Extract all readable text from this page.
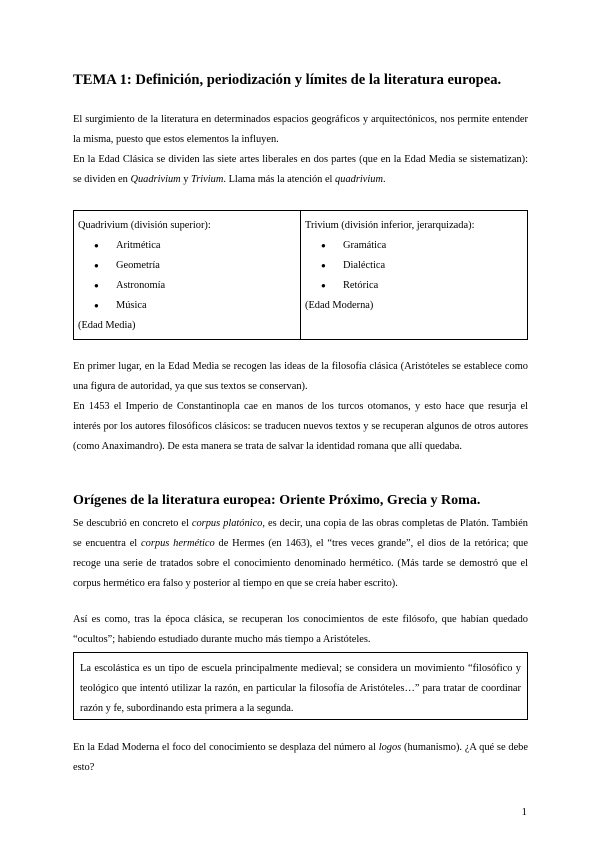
TEMA 1: Definición, periodización y límites de la literatura europea.
El surgimiento de la literatura en determinados espacios geográficos y arquitectónicos, nos permite entender la misma, puesto que estos elementos la influyen.
En la Edad Clásica se dividen las siete artes liberales en dos partes (que en la Edad Media se sistematizan): se dividen en Quadrivium y Trivium. Llama más la atención el quadrivium.
Quadrivium (división superior):
● Aritmética
● Geometría
● Astronomía
● Música
(Edad Media)
Trivium (división inferior, jerarquizada):
● Gramática
● Dialéctica
● Retórica
(Edad Moderna)
En primer lugar, en la Edad Media se recogen las ideas de la filosofía clásica (Aristóteles se establece como una figura de autoridad, ya que sus textos se conservan).
En 1453 el Imperio de Constantinopla cae en manos de los turcos otomanos, y esto hace que resurja el interés por los autores filosóficos clásicos: se traducen nuevos textos y se recuperan algunos de otros autores (como Anaximandro). De esta manera se trata de salvar la identidad romana que allí quedaba.
Orígenes de la literatura europea: Oriente Próximo, Grecia y Roma.
Se descubrió en concreto el corpus platónico, es decir, una copia de las obras completas de Platón. También se encuentra el corpus hermético de Hermes (en 1463), el “tres veces grande”, el dios de la retórica; que recoge una serie de tratados sobre el conocimiento denominado hermético. (Más tarde se demostró que el corpus hermético era falso y posterior al tiempo en que se creía haber escrito).
Así es como, tras la época clásica, se recuperan los conocimientos de este filósofo, que habían quedado “ocultos”; habiendo estudiado durante mucho más tiempo a Aristóteles.
La escolástica es un tipo de escuela principalmente medieval; se considera un movimiento “filosófico y teológico que intentó utilizar la razón, en particular la filosofía de Aristóteles…” para tratar de coordinar razón y fe, subordinando esta primera a la segunda.
En la Edad Moderna el foco del conocimiento se desplaza del número al logos (humanismo). ¿A qué se debe esto?
1
